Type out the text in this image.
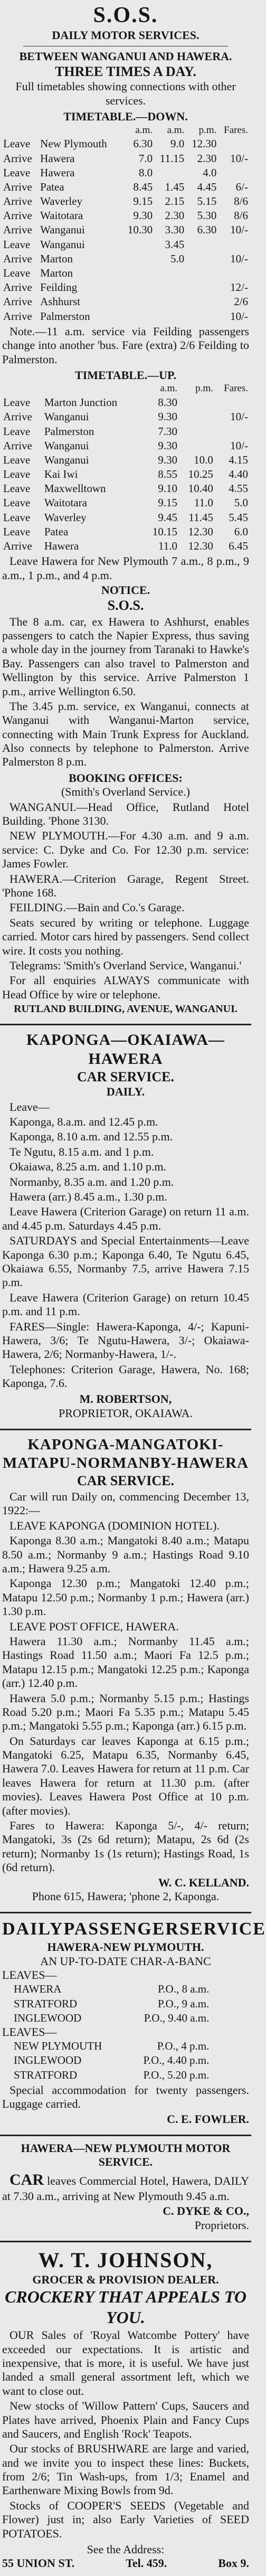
S.O.S.
DAILY MOTOR SERVICES.
BETWEEN WANGANUI AND HAWERA.
THREE TIMES A DAY.
Full timetables showing connections with other services.
TIMETABLE.—DOWN.
		a.m.	a.m.	p.m.	Fares.
Leave	New Plymouth	6.30	9.0	12.30	
Arrive	Hawera	7.0	11.15	2.30	10/-
Leave	Hawera	8.0		4.0	
Arrive	Patea	8.45	1.45	4.45	6/-
Arrive	Waverley	9.15	2.15	5.15	8/6
Arrive	Waitotara	9.30	2.30	5.30	8/6
Arrive	Wanganui	10.30	3.30	6.30	10/-
Leave	Wanganui		3.45		
Arrive	Marton		5.0		10/-
Leave	Marton				
Arrive	Feilding				12/-
Arrive	Ashhurst				2/6
Arrive	Palmerston				10/-
Note.—11 a.m. service via Feilding passengers change into another 'bus. Fare (extra) 2/6 Feilding to Palmerston.
TIMETABLE.—UP.
		a.m.	p.m.	Fares.
Leave	Marton Junction	8.30		
Arrive	Wanganui	9.30		10/-
Leave	Palmerston	7.30		
Arrive	Wanganui	9.30		10/-
Leave	Wanganui	9.30	10.0	4.15
Leave	Kai Iwi	8.55	10.25	4.40
Leave	Maxwelltown	9.10	10.40	4.55
Leave	Waitotara	9.15	11.0	5.0
Leave	Waverley	9.45	11.45	5.45
Leave	Patea	10.15	12.30	6.0
Arrive	Hawera	11.0	12.30	6.45
Leave Hawera for New Plymouth 7 a.m., 8 p.m., 9 a.m., 1 p.m., and 4 p.m.
NOTICE.
S.O.S.
The 8 a.m. car, ex Hawera to Ashhurst, enables passengers to catch the Napier Express, thus saving a whole day in the journey from Taranaki to Hawke's Bay. Passengers can also travel to Palmerston and Wellington by this service. Arrive Palmerston 1 p.m., arrive Wellington 6.50.
The 3.45 p.m. service, ex Wanganui, connects at Wanganui with Wanganui-Marton service, connecting with Main Trunk Express for Auckland. Also connects by telephone to Palmerston. Arrive Palmerston 8 p.m.
BOOKING OFFICES:
(Smith's Overland Service.)
WANGANUI.—Head Office, Rutland Hotel Building. 'Phone 3130.
NEW PLYMOUTH.—For 4.30 a.m. and 9 a.m. service: C. Dyke and Co. For 12.30 p.m. service: James Fowler.
HAWERA.—Criterion Garage, Regent Street. 'Phone 168.
FEILDING.—Bain and Co.'s Garage.
Seats secured by writing or telephone. Luggage carried. Motor cars hired by passengers. Send collect wire. It costs you nothing.
Telegrams: 'Smith's Overland Service, Wanganui.'
For all enquiries ALWAYS communicate with Head Office by wire or telephone.
RUTLAND BUILDING, AVENUE, WANGANUI.
KAPONGA—OKAIAWA—HAWERA
CAR SERVICE.
DAILY.
Leave—
Kaponga, 8.a.m. and 12.45 p.m.
Kaponga, 8.10 a.m. and 12.55 p.m.
Te Ngutu, 8.15 a.m. and 1 p.m.
Okaiawa, 8.25 a.m. and 1.10 p.m.
Normanby, 8.35 a.m. and 1.20 p.m.
Hawera (arr.) 8.45 a.m., 1.30 p.m.
Leave Hawera (Criterion Garage) on return 11 a.m. and 4.45 p.m. Saturdays 4.45 p.m.
SATURDAYS and Special Entertainments—Leave Kaponga 6.30 p.m.; Kaponga 6.40, Te Ngutu 6.45, Okaiawa 6.55, Normanby 7.5, arrive Hawera 7.15 p.m.
Leave Hawera (Criterion Garage) on return 10.45 p.m. and 11 p.m.
FARES—Single: Hawera-Kaponga, 4/-; Kapuni-Hawera, 3/6; Te Ngutu-Hawera, 3/-; Okaiawa-Hawera, 2/6; Normanby-Hawera, 1/-.
Telephones: Criterion Garage, Hawera, No. 168; Kaponga, 7.6.
M. ROBERTSON,
PROPRIETOR, OKAIAWA.
KAPONGA-MANGATOKI-MATAPU-NORMANBY-HAWERA
CAR SERVICE.
Car will run Daily on, commencing December 13, 1922:—
LEAVE KAPONGA (DOMINION HOTEL).
Kaponga 8.30 a.m.; Mangatoki 8.40 a.m.; Matapu 8.50 a.m.; Normanby 9 a.m.; Hastings Road 9.10 a.m.; Hawera 9.25 a.m.
Kaponga 12.30 p.m.; Mangatoki 12.40 p.m.; Matapu 12.50 p.m.; Normanby 1 p.m.; Hawera (arr.) 1.30 p.m.
LEAVE POST OFFICE, HAWERA.
Hawera 11.30 a.m.; Normanby 11.45 a.m.; Hastings Road 11.50 a.m.; Maori Fa 12.5 p.m.; Matapu 12.15 p.m.; Mangatoki 12.25 p.m.; Kaponga (arr.) 12.40 p.m.
Hawera 5.0 p.m.; Normanby 5.15 p.m.; Hastings Road 5.20 p.m.; Maori Fa 5.35 p.m.; Matapu 5.45 p.m.; Mangatoki 5.55 p.m.; Kaponga (arr.) 6.15 p.m.
On Saturdays car leaves Kaponga at 6.15 p.m.; Mangatoki 6.25, Matapu 6.35, Normanby 6.45, Hawera 7.0. Leaves Hawera for return at 11 p.m. Car leaves Hawera for return at 11.30 p.m. (after movies). Leaves Hawera Post Office at 10 p.m. (after movies).
Fares to Hawera: Kaponga 5/-, 4/- return; Mangatoki, 3s (2s 6d return); Matapu, 2s 6d (2s return); Normanby 1s (1s return); Hastings Road, 1s (6d return).
W. C. KELLAND.
Phone 615, Hawera; 'phone 2, Kaponga.
DAILY PASSENGER SERVICE
HAWERA-NEW PLYMOUTH.
AN UP-TO-DATE CHAR-A-BANC
LEAVES—
HAWERA	P.O., 8 a.m.
STRATFORD	P.O., 9 a.m.
INGLEWOOD	P.O., 9.40 a.m.
LEAVES—
NEW PLYMOUTH	P.O., 4 p.m.
INGLEWOOD	P.O., 4.40 p.m.
STRATFORD	P.O., 5.20 p.m.
Special accommodation for twenty passengers. Luggage carried.
C. E. FOWLER.
HAWERA—NEW PLYMOUTH MOTOR SERVICE.
CAR leaves Commercial Hotel, Hawera, DAILY at 7.30 a.m., arriving at New Plymouth 9.45 a.m.
C. DYKE & CO.,
Proprietors.
W. T. JOHNSON,
GROCER & PROVISION DEALER.
CROCKERY THAT APPEALS TO YOU.
OUR Sales of 'Royal Watcombe Pottery' have exceeded our expectations. It is artistic and inexpensive, that is more, it is useful. We have just landed a small general assortment left, which we want to close out.
New stocks of 'Willow Pattern' Cups, Saucers and Plates have arrived, Phoenix Plain and Fancy Cups and Saucers, and English 'Rock' Teapots.
Our stocks of BRUSHWARE are large and varied, and we invite you to inspect these lines: Buckets, from 2/6; Tin Wash-ups, from 1/3; Enamel and Earthenware Mixing Bowls from 9d.
Stocks of COOPER'S SEEDS (Vegetable and Flower) just in; also Early Varieties of SEED POTATOES.
See the Address:
55 UNION ST.	Tel. 459.	Box 9.
